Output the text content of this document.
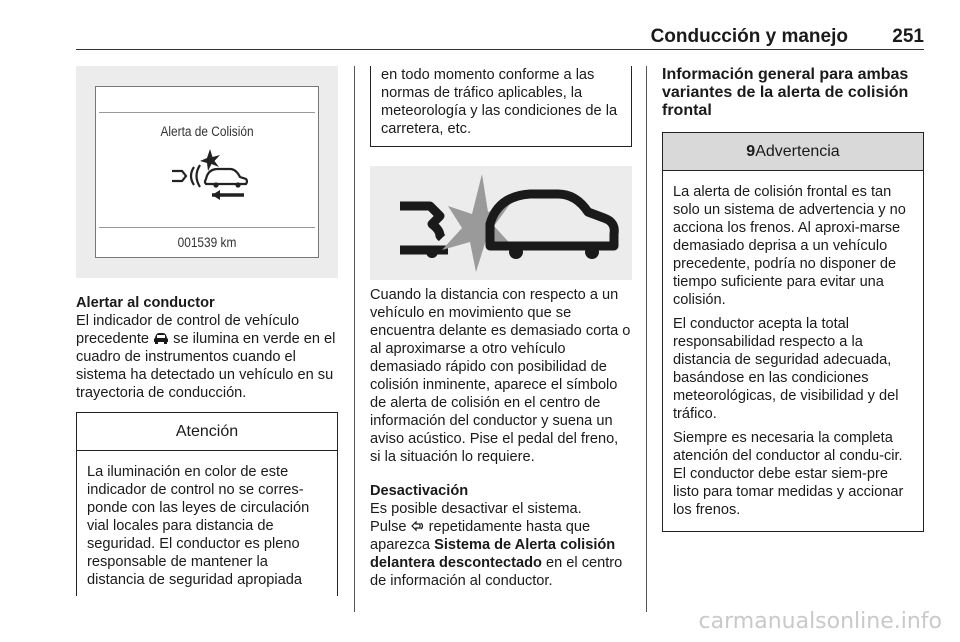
Conducción y manejo 251
Alerta de Colisión
001539 km

Alertar al conductor

El indicador de control de vehículo precedente  se ilumina en verde en el cuadro de instrumentos cuando el sistema ha detectado un vehículo en su trayectoria de conducción.

Atención

La iluminación en color de este indicador de control no se corres-ponde con las leyes de circulación vial locales para distancia de seguridad. El conductor es pleno responsable de mantener la distancia de seguridad apropiada

en todo momento conforme a las normas de tráfico aplicables, la meteorología y las condiciones de la carretera, etc.

Cuando la distancia con respecto a un vehículo en movimiento que se encuentra delante es demasiado corta o al aproximarse a otro vehículo demasiado rápido con posibilidad de colisión inminente, aparece el símbolo de alerta de colisión en el centro de información del conductor y suena un aviso acústico. Pise el pedal del freno, si la situación lo requiere.

Desactivación

Es posible desactivar el sistema.
Pulse  repetidamente hasta que aparezca Sistema de Alerta colisión delantera descontectado en el centro de información al conductor.

Información general para ambas variantes de la alerta de colisión frontal

9Advertencia

La alerta de colisión frontal es tan solo un sistema de advertencia y no acciona los frenos. Al aproxi-marse demasiado deprisa a un vehículo precedente, podría no disponer de tiempo suficiente para evitar una colisión.

El conductor acepta la total responsabilidad respecto a la distancia de seguridad adecuada, basándose en las condiciones meteorológicas, de visibilidad y del tráfico.

Siempre es necesaria la completa atención del conductor al condu-cir. El conductor debe estar siem-pre listo para tomar medidas y accionar los frenos.

carmanualsonline.info
